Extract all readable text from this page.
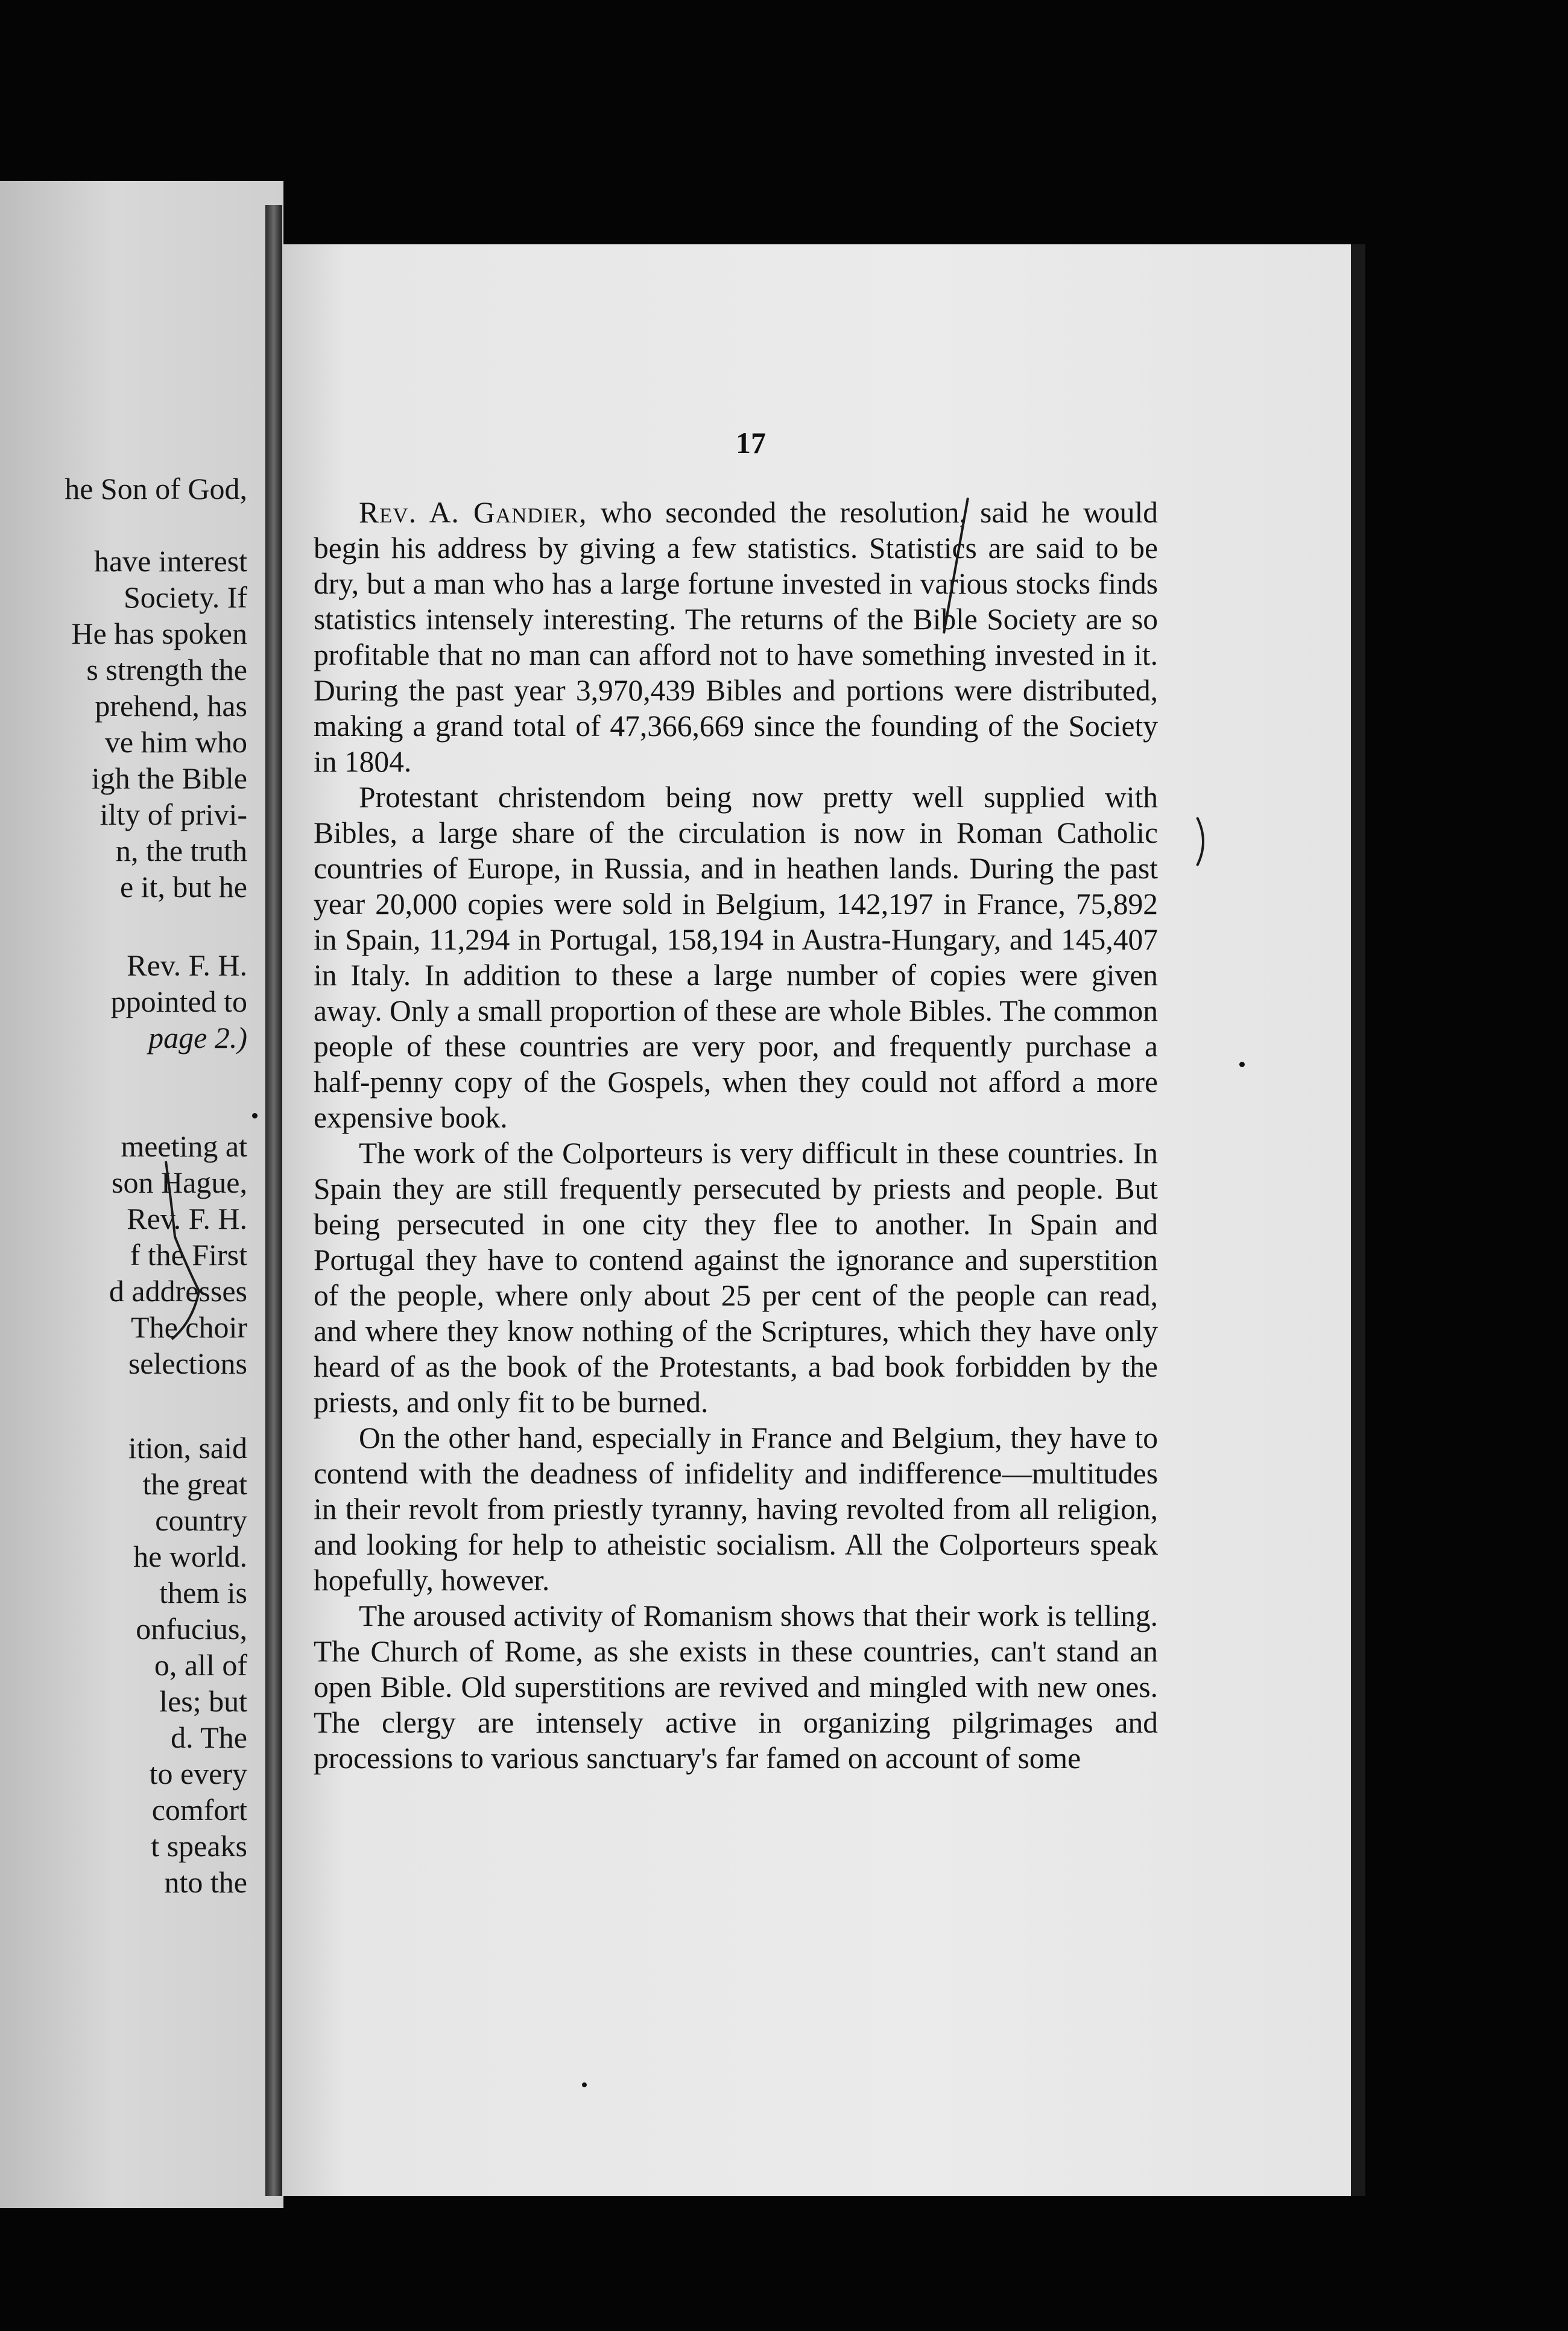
he Son of God,
have interest
Society. If
He has spoken
s strength the
prehend, has
ve him who
igh the Bible
ilty of privi-
n, the truth
e it, but he
Rev. F. H.
ppointed to
page 2.)
meeting at
son Hague,
Rev. F. H.
f the First
d addresses
The choir
selections
ition, said
the great
country
he world.
them is
onfucius,
o, all of
les; but
d. The
to every
comfort
t speaks
nto the
17

Rev. A. Gandier, who seconded the resolution, said he would begin his address by giving a few statistics. Statistics are said to be dry, but a man who has a large fortune invested in various stocks finds statistics intensely interesting. The returns of the Bible Society are so profitable that no man can afford not to have something invested in it. During the past year 3,970,439 Bibles and portions were distributed, making a grand total of 47,366,669 since the founding of the Society in 1804.

Protestant christendom being now pretty well supplied with Bibles, a large share of the circulation is now in Roman Catholic countries of Europe, in Russia, and in heathen lands. During the past year 20,000 copies were sold in Belgium, 142,197 in France, 75,892 in Spain, 11,294 in Portugal, 158,194 in Austra-Hungary, and 145,407 in Italy. In addition to these a large number of copies were given away. Only a small proportion of these are whole Bibles. The common people of these countries are very poor, and frequently purchase a half-penny copy of the Gospels, when they could not afford a more expensive book.

The work of the Colporteurs is very difficult in these countries. In Spain they are still frequently persecuted by priests and people. But being persecuted in one city they flee to another. In Spain and Portugal they have to contend against the ignorance and superstition of the people, where only about 25 per cent of the people can read, and where they know nothing of the Scriptures, which they have only heard of as the book of the Protestants, a bad book forbidden by the priests, and only fit to be burned.

On the other hand, especially in France and Belgium, they have to contend with the deadness of infidelity and indifference—multitudes in their revolt from priestly tyranny, having revolted from all religion, and looking for help to atheistic socialism. All the Colporteurs speak hopefully, however.

The aroused activity of Romanism shows that their work is telling. The Church of Rome, as she exists in these countries, can't stand an open Bible. Old superstitions are revived and mingled with new ones. The clergy are intensely active in organizing pilgrimages and processions to various sanctuary's far famed on account of some
